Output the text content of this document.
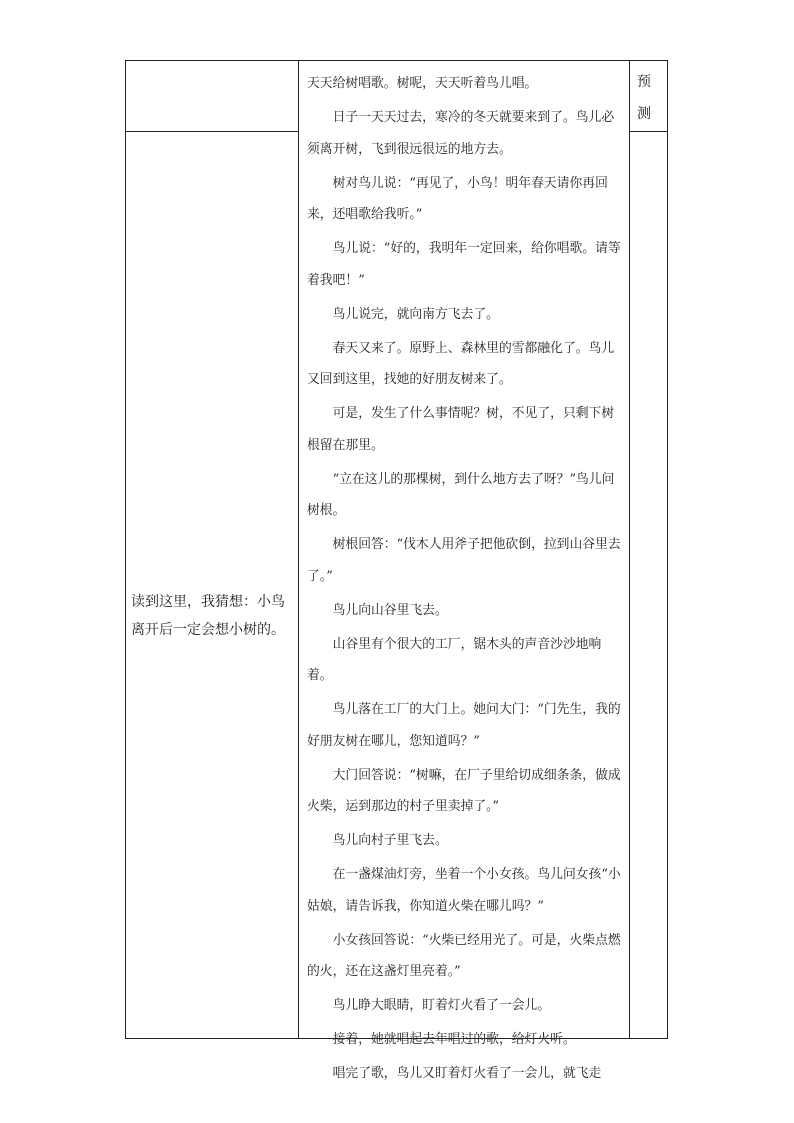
读到这里，我猜想：小鸟离开后一定会想小树的。
预
测

天天给树唱歌。树呢，天天听着鸟儿唱。

日子一天天过去，寒冷的冬天就要来到了。鸟儿必须离开树，飞到很远很远的地方去。

树对鸟儿说：“再见了，小鸟！明年春天请你再回来，还唱歌给我听。”

鸟儿说：“好的，我明年一定回来，给你唱歌。请等着我吧！”

鸟儿说完，就向南方飞去了。

春天又来了。原野上、森林里的雪都融化了。鸟儿又回到这里，找她的好朋友树来了。

可是，发生了什么事情呢？树，不见了，只剩下树根留在那里。

“立在这儿的那棵树，到什么地方去了呀？”鸟儿问树根。

树根回答：“伐木人用斧子把他砍倒，拉到山谷里去了。”

鸟儿向山谷里飞去。

山谷里有个很大的工厂，锯木头的声音沙沙地响着。

鸟儿落在工厂的大门上。她问大门：“门先生，我的好朋友树在哪儿，您知道吗？”

大门回答说：“树嘛，在厂子里给切成细条条，做成火柴，运到那边的村子里卖掉了。”

鸟儿向村子里飞去。

在一盏煤油灯旁，坐着一个小女孩。鸟儿问女孩“小姑娘，请告诉我，你知道火柴在哪儿吗？”

小女孩回答说：“火柴已经用光了。可是，火柴点燃的火，还在这盏灯里亮着。”

鸟儿睁大眼睛，盯着灯火看了一会儿。

接着，她就唱起去年唱过的歌，给灯火听。

唱完了歌，鸟儿又盯着灯火看了一会儿，就飞走
